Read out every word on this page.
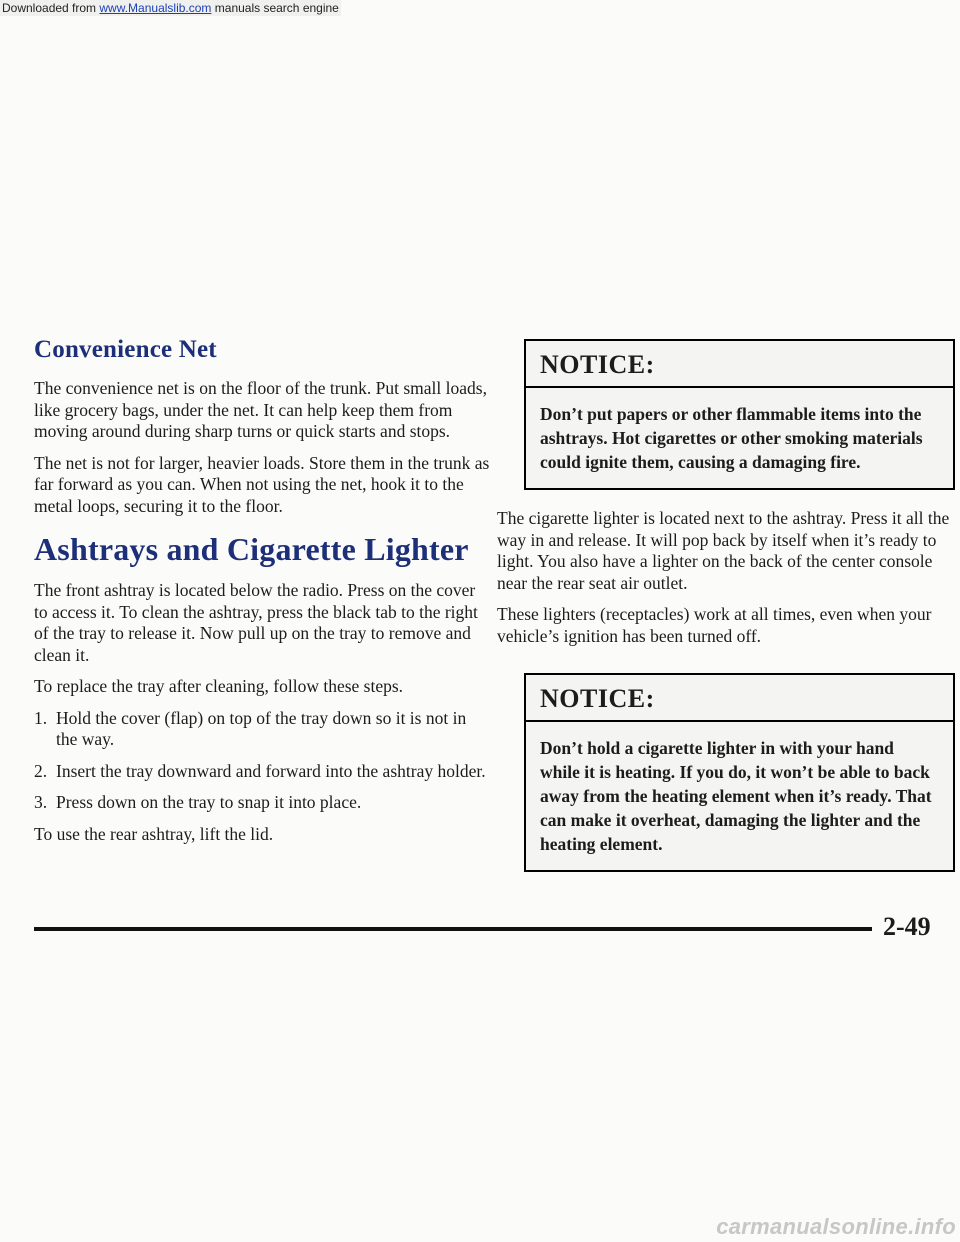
Downloaded from www.Manualslib.com manuals search engine
Convenience Net

The convenience net is on the floor of the trunk. Put small loads, like grocery bags, under the net. It can help keep them from moving around during sharp turns or quick starts and stops.

The net is not for larger, heavier loads. Store them in the trunk as far forward as you can. When not using the net, hook it to the metal loops, securing it to the floor.

Ashtrays and Cigarette Lighter

The front ashtray is located below the radio. Press on the cover to access it. To clean the ashtray, press the black tab to the right of the tray to release it. Now pull up on the tray to remove and clean it.

To replace the tray after cleaning, follow these steps.

1. Hold the cover (flap) on top of the tray down so it is not in the way.
2. Insert the tray downward and forward into the ashtray holder.
3. Press down on the tray to snap it into place.

To use the rear ashtray, lift the lid.

NOTICE:
Don’t put papers or other flammable items into the ashtrays. Hot cigarettes or other smoking materials could ignite them, causing a damaging fire.

The cigarette lighter is located next to the ashtray. Press it all the way in and release. It will pop back by itself when it’s ready to light. You also have a lighter on the back of the center console near the rear seat air outlet.

These lighters (receptacles) work at all times, even when your vehicle’s ignition has been turned off.

NOTICE:
Don’t hold a cigarette lighter in with your hand while it is heating. If you do, it won’t be able to back away from the heating element when it’s ready. That can make it overheat, damaging the lighter and the heating element.
2-49
carmanualsonline.info
